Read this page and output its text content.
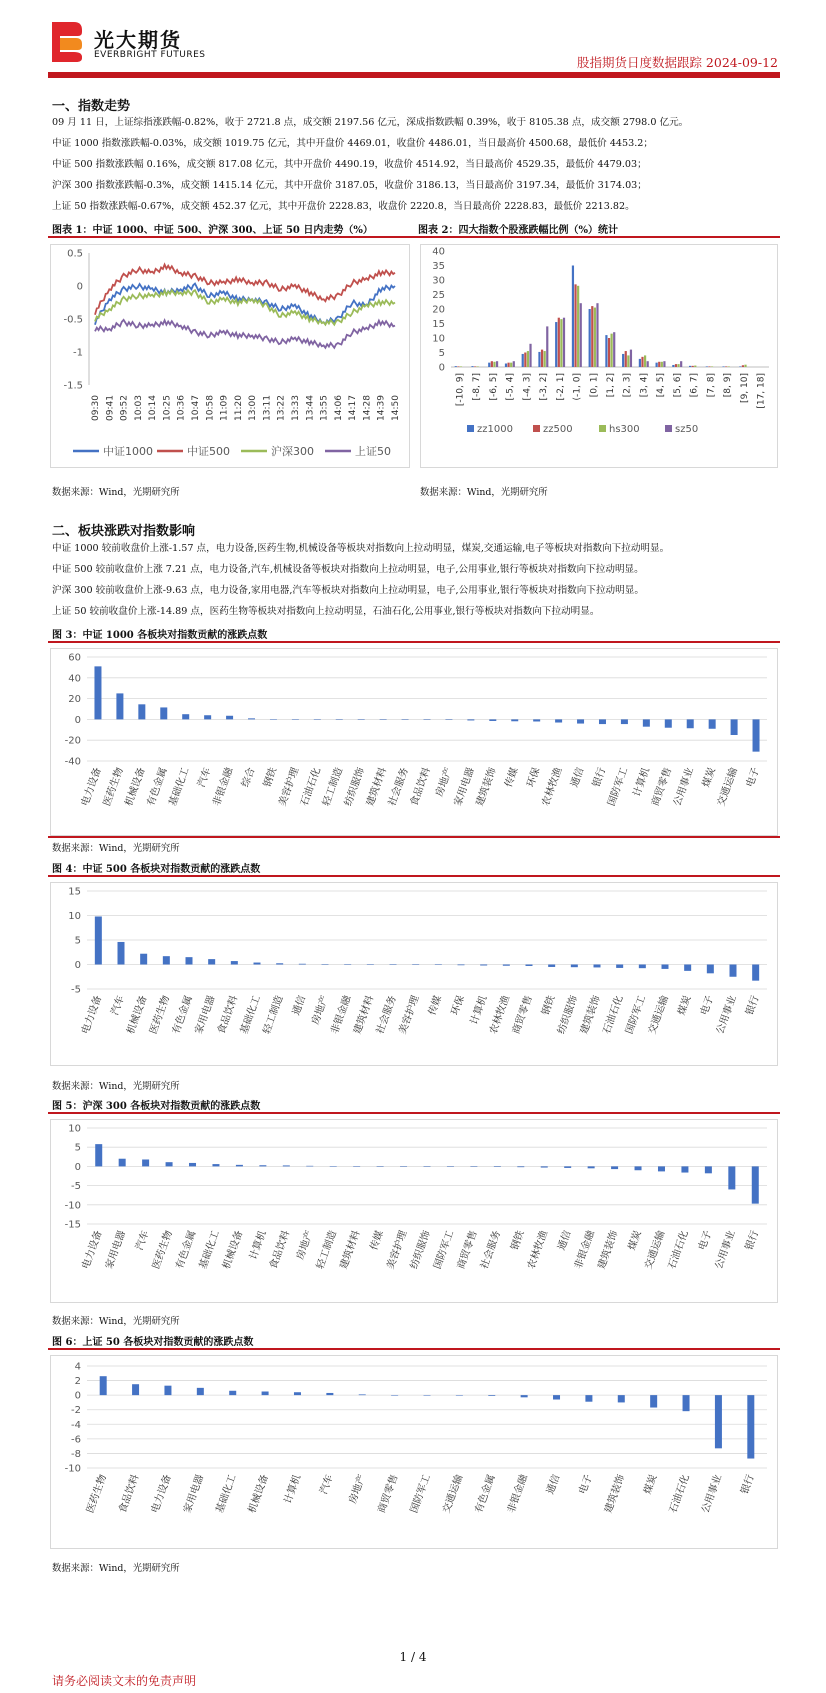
光大期货
EVERBRIGHT FUTURES	股指期货日度数据跟踪 2024-09-12
一、指数走势
09 月 11 日，上证综指涨跌幅-0.82%，收于 2721.8 点，成交额 2197.56 亿元，深成指数跌幅 0.39%，收于 8105.38 点，成交额 2798.0 亿元。
中证 1000 指数涨跌幅-0.03%，成交额 1019.75 亿元，其中开盘价 4469.01，收盘价 4486.01，当日最高价 4500.68，最低价 4453.2；
中证 500 指数涨跌幅 0.16%，成交额 817.08 亿元，其中开盘价 4490.19，收盘价 4514.92，当日最高价 4529.35，最低价 4479.03；
沪深 300 指数涨跌幅-0.3%，成交额 1415.14 亿元，其中开盘价 3187.05，收盘价 3186.13，当日最高价 3197.34，最低价 3174.03；
上证 50 指数涨跌幅-0.67%，成交额 452.37 亿元，其中开盘价 2228.83，收盘价 2220.8，当日最高价 2228.83，最低价 2213.82。
图表 1：中证 1000、中证 500、沪深 300、上证 50 日内走势（%）	图表 2：四大指数个股涨跌幅比例（%）统计
0.5
0
-0.5
-1
-1.5
09:30 09:41 09:52 10:03 10:14 10:25 10:36 10:47 10:58 11:09 11:20 13:00 13:11 13:22 13:33 13:44 13:55 14:06 14:17 14:28 14:39 14:50
中证1000	中证500	沪深300	上证50
0
5
10
15
20
25
30
35
40
[-10, 9] [-8, 7] [-6, 5] [-5, 4] [-4, 3] [-3, 2] [-2, 1] (-1, 0] [0, 1] [1, 2] [2, 3] [3, 4] [4, 5] [5, 6] [6, 7] [7, 8] [8, 9] [9, 10] [17, 18]
zz1000	zz500	hs300	sz50
数据来源：Wind，光期研究所	数据来源：Wind，光期研究所
二、板块涨跌对指数影响
中证 1000 较前收盘价上涨-1.57 点，电力设备,医药生物,机械设备等板块对指数向上拉动明显，煤炭,交通运输,电子等板块对指数向下拉动明显。
中证 500 较前收盘价上涨 7.21 点，电力设备,汽车,机械设备等板块对指数向上拉动明显，电子,公用事业,银行等板块对指数向下拉动明显。
沪深 300 较前收盘价上涨-9.63 点，电力设备,家用电器,汽车等板块对指数向上拉动明显，电子,公用事业,银行等板块对指数向下拉动明显。
上证 50 较前收盘价上涨-14.89 点，医药生物等板块对指数向上拉动明显，石油石化,公用事业,银行等板块对指数向下拉动明显。
图 3：中证 1000 各板块对指数贡献的涨跌点数
60
40
20
0
-20
-40
电力设备
医药生物
机械设备
有色金属
基础化工 汽车
非银金融 综合 钢铁
美容护理
石油石化
轻工制造
纺织服饰
建筑材料
社会服务
食品饮料 房地产
家用电器
建筑装饰 传媒 环保
农林牧渔 通信 银行
国防军工 计算机
商贸零售
公用事业 煤炭
交通运输 电子
数据来源：Wind，光期研究所
图 4：中证 500 各板块对指数贡献的涨跌点数
15
10
5
0
-5
电力设备 汽车
机械设备
医药生物
有色金属
家用电器
食品饮料
基础化工
轻工制造 通信 房地产
非银金融
建筑材料
社会服务
美容护理 传媒 环保 计算机
农林牧渔
商贸零售 钢铁
纺织服饰
建筑装饰
石油石化
国防军工
交通运输 煤炭 电子
公用事业 银行
数据来源：Wind，光期研究所
图 5：沪深 300 各板块对指数贡献的涨跌点数
10
5
0
-5
-10
-15
电力设备 家用电器 汽车 医药生物 有色金属 基础化工 机械设备 计算机 食品饮料 房地产 轻工制造 建筑材料 传媒 美容护理 纺织服饰 国防军工 商贸零售 社会服务 钢铁 农林牧渔 通信 非银金融 建筑装饰 煤炭 交通运输 石油石化 电子 公用事业 银行
数据来源：Wind，光期研究所
图 6：上证 50 各板块对指数贡献的涨跌点数
4
2
0
-2
-4
-6
-8
-10
医药生物 食品饮料 电力设备 家用电器 基础化工 机械设备 计算机 汽车 房地产 商贸零售 国防军工 交通运输 有色金属 非银金融 通信 电子 建筑装饰 煤炭 石油石化 公用事业 银行
数据来源：Wind，光期研究所
1 / 4
请务必阅读文末的免责声明
